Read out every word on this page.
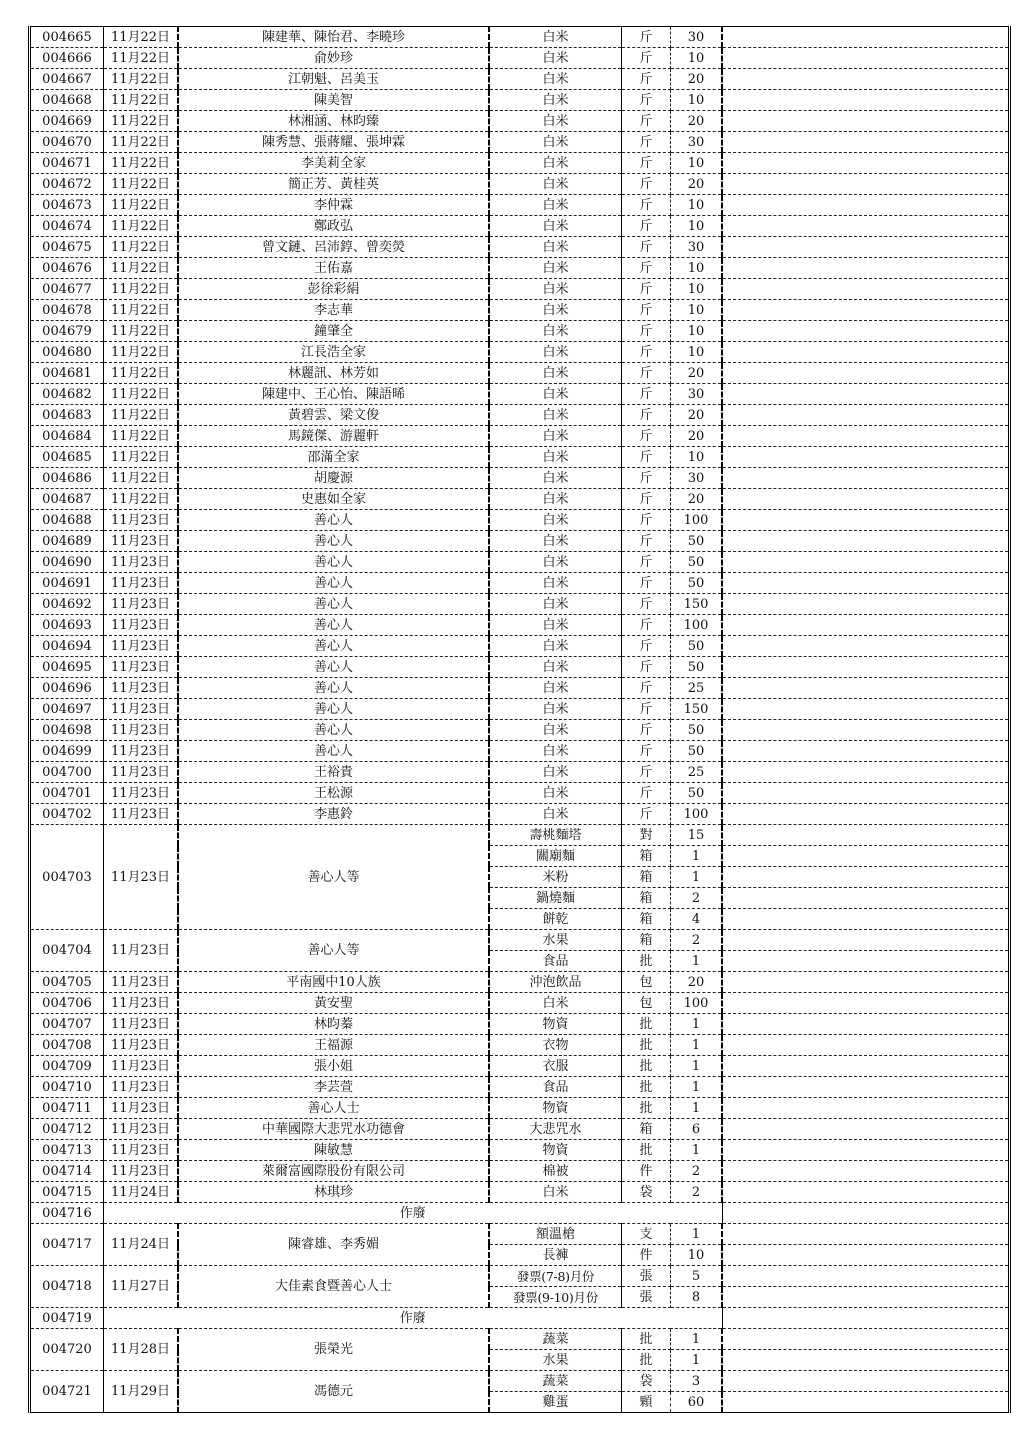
004665	11月22日	陳建華、陳怡君、李曉珍	白米	斤	30	
004666	11月22日	俞妙珍	白米	斤	10	
004667	11月22日	江朝魁、呂美玉	白米	斤	20	
004668	11月22日	陳美智	白米	斤	10	
004669	11月22日	林湘涵、林昀臻	白米	斤	20	
004670	11月22日	陳秀慧、張蔣耀、張坤霖	白米	斤	30	
004671	11月22日	李美莉全家	白米	斤	10	
004672	11月22日	簡正芳、黃桂英	白米	斤	20	
004673	11月22日	李仲霖	白米	斤	10	
004674	11月22日	鄭政弘	白米	斤	10	
004675	11月22日	曾文鏈、呂沛錞、曾奕熒	白米	斤	30	
004676	11月22日	王佑嘉	白米	斤	10	
004677	11月22日	彭徐彩絹	白米	斤	10	
004678	11月22日	李志華	白米	斤	10	
004679	11月22日	鐘肇全	白米	斤	10	
004680	11月22日	江長浩全家	白米	斤	10	
004681	11月22日	林麗訊、林芳如	白米	斤	20	
004682	11月22日	陳建中、王心怡、陳語晞	白米	斤	30	
004683	11月22日	黃碧雲、梁文俊	白米	斤	20	
004684	11月22日	馬鏡傑、游麗軒	白米	斤	20	
004685	11月22日	邵滿全家	白米	斤	10	
004686	11月22日	胡慶源	白米	斤	30	
004687	11月22日	史惠如全家	白米	斤	20	
004688	11月23日	善心人	白米	斤	100	
004689	11月23日	善心人	白米	斤	50	
004690	11月23日	善心人	白米	斤	50	
004691	11月23日	善心人	白米	斤	50	
004692	11月23日	善心人	白米	斤	150	
004693	11月23日	善心人	白米	斤	100	
004694	11月23日	善心人	白米	斤	50	
004695	11月23日	善心人	白米	斤	50	
004696	11月23日	善心人	白米	斤	25	
004697	11月23日	善心人	白米	斤	150	
004698	11月23日	善心人	白米	斤	50	
004699	11月23日	善心人	白米	斤	50	
004700	11月23日	王裕貴	白米	斤	25	
004701	11月23日	王松源	白米	斤	50	
004702	11月23日	李惠鈴	白米	斤	100	
004703	11月23日	善心人等	壽桃麵塔	對	15	
			關廟麵	箱	1	
			米粉	箱	1	
			鍋燒麵	箱	2	
			餅乾	箱	4	
004704	11月23日	善心人等	水果	箱	2	
			食品	批	1	
004705	11月23日	平南國中10人族	沖泡飲品	包	20	
004706	11月23日	黃安聖	白米	包	100	
004707	11月23日	林昀蓁	物資	批	1	
004708	11月23日	王福源	衣物	批	1	
004709	11月23日	張小姐	衣服	批	1	
004710	11月23日	李芸萱	食品	批	1	
004711	11月23日	善心人士	物資	批	1	
004712	11月23日	中華國際大悲咒水功德會	大悲咒水	箱	6	
004713	11月23日	陳敏慧	物資	批	1	
004714	11月23日	萊爾富國際股份有限公司	棉被	件	2	
004715	11月24日	林琪珍	白米	袋	2	
004716	作廢					
004717	11月24日	陳睿雄、李秀媚	額溫槍	支	1	
			長褲	件	10	
004718	11月27日	大佳素食暨善心人士	發票(7-8)月份	張	5	
			發票(9-10)月份	張	8	
004719	作廢					
004720	11月28日	張榮光	蔬菜	批	1	
			水果	批	1	
004721	11月29日	馮德元	蔬菜	袋	3	
			雞蛋	顆	60	
